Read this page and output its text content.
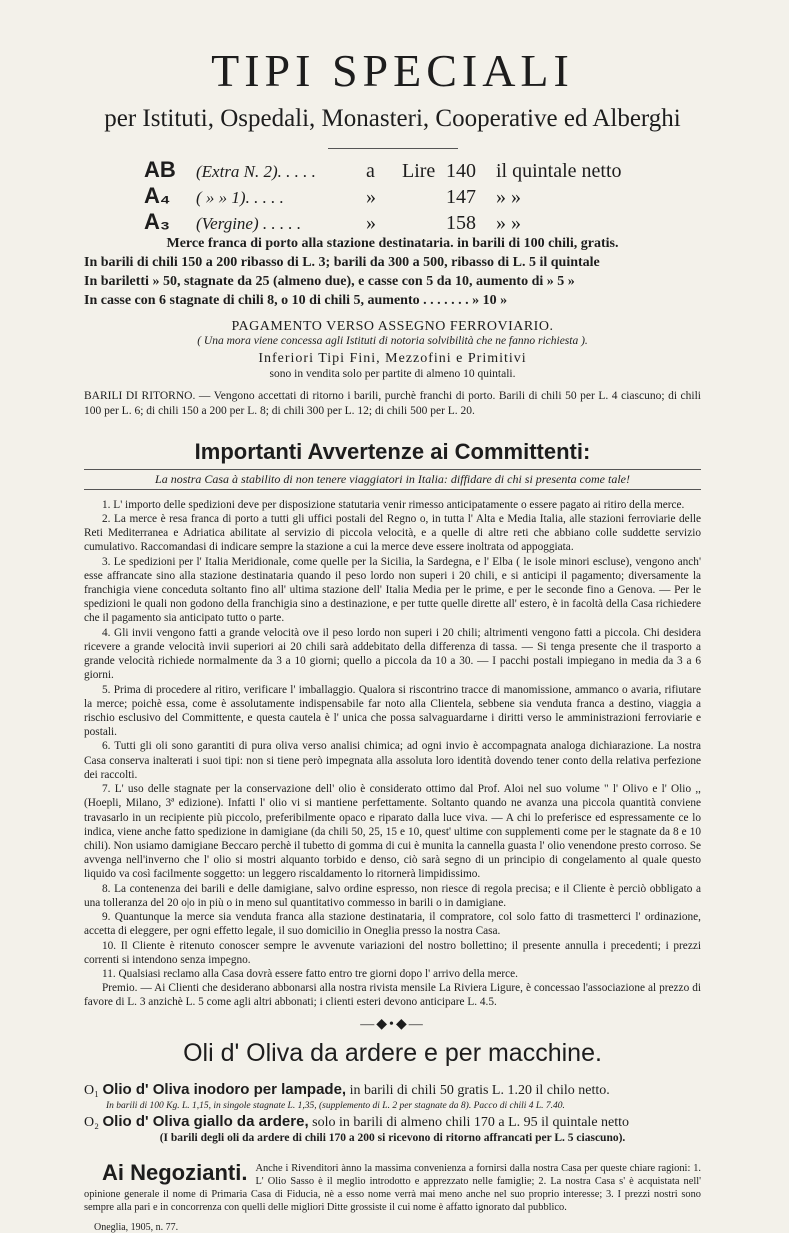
TIPI SPECIALI
per Istituti, Ospedali, Monasteri, Cooperative ed Alberghi
AB	(Extra N. 2). . . . .	a	Lire 140	il quintale netto
A₄	( » » 1). . . . .	»	147	» »
A₃	(Vergine) . . . . .	»	158	» »
Merce franca di porto alla stazione destinataria. in barili di 100 chili, gratis.
In barili di chili 150 a 200 ribasso di L. 3; barili da 300 a 500, ribasso di L. 5 il quintale
In bariletti » 50, stagnate da 25 (almeno due), e casse con 5 da 10, aumento di » 5 »
In casse con 6 stagnate di chili 8, o 10 di chili 5, aumento . . . . . . . » 10 »
PAGAMENTO VERSO ASSEGNO FERROVIARIO.
( Una mora viene concessa agli Istituti di notoria solvibilità che ne fanno richiesta ).
Inferiori Tipi Fini, Mezzofini e Primitivi
sono in vendita solo per partite di almeno 10 quintali.
BARILI DI RITORNO. — Vengono accettati di ritorno i barili, purchè franchi di porto. Barili di chili 50 per L. 4 ciascuno; di chili 100 per L. 6; di chili 150 a 200 per L. 8; di chili 300 per L. 12; di chili 500 per L. 20.
Importanti Avvertenze ai Committenti:
La nostra Casa à stabilito di non tenere viaggiatori in Italia: diffidare di chi si presenta come tale!

1. L' importo delle spedizioni deve per disposizione statutaria venir rimesso anticipatamente o essere pagato ai ritiro della merce.

2. La merce è resa franca di porto a tutti gli uffici postali del Regno o, in tutta l' Alta e Media Italia, alle stazioni ferroviarie delle Reti Mediterranea e Adriatica abilitate al servizio di piccola velocità, e a quelle di altre reti che abbiano colle suddette servizio cumulativo. Raccomandasi di indicare sempre la stazione a cui la merce deve essere inoltrata od appoggiata.

3. Le spedizioni per l' Italia Meridionale, come quelle per la Sicilia, la Sardegna, e l' Elba ( le isole minori escluse), vengono anch' esse affrancate sino alla stazione destinataria quando il peso lordo non superi i 20 chili, e si anticipi il pagamento; diversamente la franchigia viene conceduta soltanto fino all' ultima stazione dell' Italia Media per le prime, e per le seconde fino a Genova. — Per le spedizioni le quali non godono della franchigia sino a destinazione, e per tutte quelle dirette all' estero, è in facoltà della Casa richiedere che il pagamento sia anticipato tutto o parte.

4. Gli invii vengono fatti a grande velocità ove il peso lordo non superi i 20 chili; altrimenti vengono fatti a piccola. Chi desidera ricevere a grande velocità invii superiori ai 20 chili sarà addebitato della differenza di tassa. — Si tenga presente che il trasporto a grande velocità richiede normalmente da 3 a 10 giorni; quello a piccola da 10 a 30. — I pacchi postali impiegano in media da 3 a 6 giorni.

5. Prima di procedere al ritiro, verificare l' imballaggio. Qualora si riscontrino tracce di manomissione, ammanco o avaria, rifiutare la merce; poichè essa, come è assolutamente indispensabile far noto alla Clientela, sebbene sia venduta franca a destino, viaggia a rischio esclusivo del Committente, e questa cautela è l' unica che possa salvaguardarne i diritti verso le amministrazioni ferroviarie e postali.

6. Tutti gli oli sono garantiti di pura oliva verso analisi chimica; ad ogni invio è accompagnata analoga dichiarazione. La nostra Casa conserva inalterati i suoi tipi: non si tiene però impegnata alla assoluta loro identità dovendo tener conto della relativa perfezione dei raccolti.

7. L' uso delle stagnate per la conservazione dell' olio è considerato ottimo dal Prof. Aloi nel suo volume " l' Olivo e l' Olio ,, (Hoepli, Milano, 3ª edizione). Infatti l' olio vi si mantiene perfettamente. Soltanto quando ne avanza una piccola quantità conviene travasarlo in un recipiente più piccolo, preferibilmente opaco e riparato dalla luce viva. — A chi lo preferisce ed espressamente ce lo indica, viene anche fatto spedizione in damigiane (da chili 50, 25, 15 e 10, quest' ultime con supplementi come per le stagnate da 8 e 10 chili). Non usiamo damigiane Beccaro perchè il tubetto di gomma di cui è munita la cannella guasta l' olio venendone presto corroso. Se avvenga nell'inverno che l' olio si mostri alquanto torbido e denso, ciò sarà segno di un principio di congelamento al quale questo liquido va così facilmente soggetto: un leggero riscaldamento lo ritornerà limpidissimo.

8. La contenenza dei barili e delle damigiane, salvo ordine espresso, non riesce di regola precisa; e il Cliente è perciò obbligato a una tolleranza del 20 o|o in più o in meno sul quantitativo commesso in barili o in damigiane.

9. Quantunque la merce sia venduta franca alla stazione destinataria, il compratore, col solo fatto di trasmetterci l' ordinazione, accetta di eleggere, per ogni effetto legale, il suo domicilio in Oneglia presso la nostra Casa.

10. Il Cliente è ritenuto conoscer sempre le avvenute variazioni del nostro bollettino; il presente annulla i precedenti; i prezzi correnti si intendono senza impegno.

11. Qualsiasi reclamo alla Casa dovrà essere fatto entro tre giorni dopo l' arrivo della merce.

Premio. — Ai Clienti che desiderano abbonarsi alla nostra rivista mensile La Riviera Ligure, è concessao l'associazione al prezzo di favore di L. 3 anzichè L. 5 come agli altri abbonati; i clienti esteri devono anticipare L. 4.5.

—◆•◆—
Oli d' Oliva da ardere e per macchine.
O₁ Olio d' Oliva inodoro per lampade, in barili di chili 50 gratis L. 1.20 il chilo netto.
In barili di 100 Kg. L. 1,15, in singole stagnate L. 1,35, (supplemento di L. 2 per stagnate da 8). Pacco di chili 4 L. 7.40.
O₂ Olio d' Oliva giallo da ardere, solo in barili di almeno chili 170 a L. 95 il quintale netto
(I barili degli oli da ardere di chili 170 a 200 si ricevono di ritorno affrancati per L. 5 ciascuno).
Ai Negozianti. Anche i Rivenditori ànno la massima convenienza a fornirsi dalla nostra Casa per queste chiare ragioni: 1. L' Olio Sasso è il meglio introdotto e apprezzato nelle famiglie; 2. La nostra Casa s' è acquistata nell' opinione generale il nome di Primaria Casa di Fiducia, nè a esso nome verrà mai meno anche nel suo proprio interesse; 3. I prezzi nostri sono sempre alla pari e in concorrenza con quelli delle migliori Ditte grossiste il cui nome è affatto ignorato dal pubblico.
Oneglia, 1905, n. 77.
